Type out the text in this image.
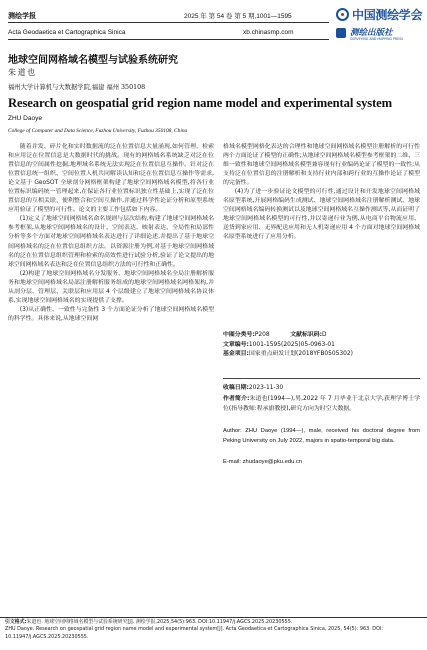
测绘学报	2025 年 第 54 卷 第 5 期,1001—1595
Acta Geodaetica et Cartographica Sinica	xb.chinasmp.com
中国测绘学会
测绘出版社
SURVEYING AND MAPPING PRESS
地球空间网格域名模型与试验系统研究
朱道也
福州大学计算机与大数据学院,福建 福州 350108
Research on geospatial grid region name model and experimental system
ZHU Daoye
College of Computer and Data Science, Fuzhou University, Fuzhou 350108, China
随着并发、碎片化和实时数据流的泛在位置信息大量涌现,如何管理、检索和应用泛在位置信息是大数据时代的挑战。现有的网格域名系统缺乏对泛在位置信息的空间属性挖掘,地理域名系统无法实现泛在位置信息互操作。针对泛在位置信息统一组织、空间位置人机共同解读认知和泛在位置信息互操作等需求,论文基于 GeoSOT 全球剖分网格框架构建了地球空间网格域名模型,将各行业位置标识编码统一管理起来,在保证各行业位置标识独立性基础上,实现了泛在位置信息的互相关联、便利整合和空间互操作,并通过科学性论证分析和原型系统应用验证了模型的可行性。论文的主要工作包括如下内容。
(1)定义了地球空间网格域名命名规则与层次结构,构建了地球空间网格域名参考框架,从地球空间网格域名的设计、空间表达、映射表达、全局性和局部性分析等多个方面对地球空间网格域名表达进行了详细论述,并提出了基于地球空间网格域名的泛在位置信息组织方法。以资源注册为例,对基于地球空间网格域名的泛在位置信息组织管理和检索的高效性进行试验分析,验证了论文提出的地球空间网格域名表达和泛在位置信息组织方法的可行性和正确性。
(2)构建了地球空间网格域名分发服务、地球空间网格域名全局注册解析服务和地球空间网格域名局部注册解析服务组成的地球空间网格域名网格架构,并从剖分层、管理层、关联层和应用层 4 个层级建立了地球空间网格域名协议体系,实现地球空间网格域名的实现提供了支撑。
(3)从正确性、一致性与完备性 3 个方面论证分析了地球空间网格域名模型的科学性。具体来说,从地球空间网
格域名模型网格化表达的合理性和地球空间网格域名模型注册解析的可行性两个方面论证了模型的正确性;从地球空间网格域名模型参考框架的二维、三维一致性和地球空间网格域名模型兼容现有行业编码论证了模型的一致性;从支持泛在位置信息的注册解析和支持行业内部和跨行业的互操作论证了模型的完备性。
(4)为了进一步验证论文模型的可行性,通过设计和开发地球空间网格域名原型系统,开展网格编码生成测试、地球空间网格域名注册解析测试、地球空间网格域名编码转换测试以及地球空间网格域名互操作测试等,从而证明了地球空间网格域名模型的可行性,并以寄递行业为例,从电商平台物流应用、送货到家应用、无界配送应用和无人机寄递应用 4 个方面对地球空间网格域名原型系统进行了应用分析。
中图分类号:P208	文献标识码:D
文章编号:1001-1595(2025)05-0963-01
基金项目:国家重点研发计划(2018YFB0505302)
收稿日期:2023-11-30
作者简介:朱道也(1994—),男,2022 年 7 月毕业于北京大学,获理学博士学位(指导教师:程承旗教授),研究方向为时空大数据。
Author: ZHU Daoye (1994—), male, received his doctoral degree from Peking University on July 2022, majors in spatio-temporal big data.
E-mail: zhudaoye@pku.edu.cn

引文格式:朱道也. 地球空间网格域名模型与试验系统研究[J]. 测绘学报,2025,54(5):963. DOI:10.11947/j.AGCS.2025.20230555.

ZHU Daoye. Research on geospatial grid region name model and experimental system[J]. Acta Geodaetica et Cartographica Sinica, 2025, 54(5): 963. DOI: 10.11947/j.AGCS.2025.20230555.
